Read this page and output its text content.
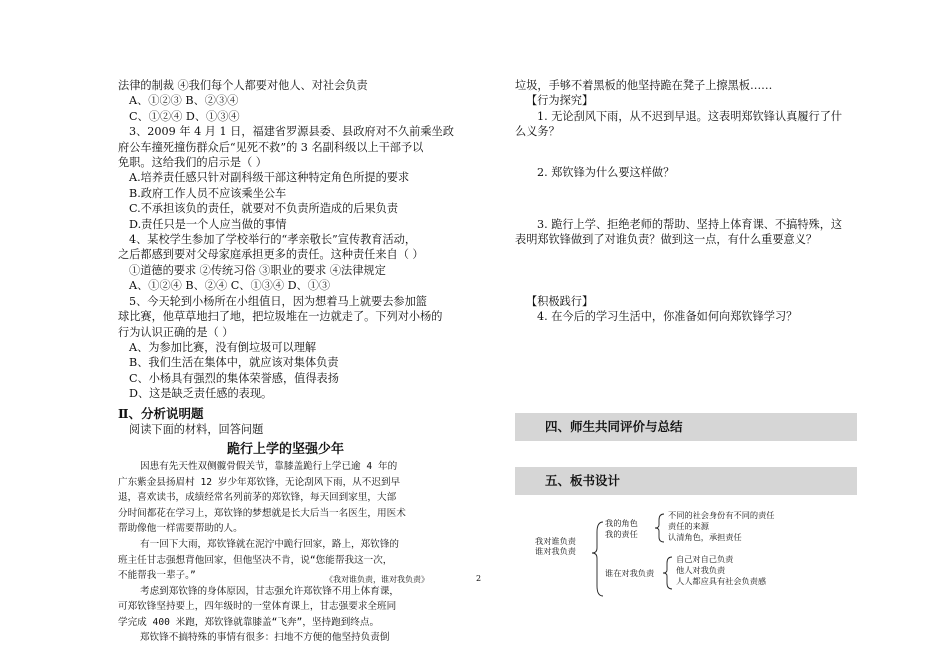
法律的制裁 ④我们每个人都要对他人、对社会负责
A、①②③ B、②③④
C、①②④ D、①③④
3、2009 年 4 月 1 日，福建省罗源县委、县政府对不久前乘坐政
府公车撞死撞伤群众后“见死不救”的 3 名副科级以上干部予以
免职。这给我们的启示是（ ）
A.培养责任感只针对副科级干部这种特定角色所提的要求
B.政府工作人员不应该乘坐公车
C.不承担该负的责任，就要对不负责所造成的后果负责
D.责任只是一个人应当做的事情
4、某校学生参加了学校举行的“孝亲敬长”宣传教育活动，
之后都感到要对父母家庭承担更多的责任。这种责任来自（ ）
①道德的要求 ②传统习俗 ③职业的要求 ④法律规定
A、①②④ B、②④ C、①③④ D、①③
5、今天轮到小杨所在小组值日，因为想着马上就要去参加篮
球比赛，他草草地扫了地，把垃圾堆在一边就走了。下列对小杨的
行为认识正确的是（ ）
A、为参加比赛，没有倒垃圾可以理解
B、我们生活在集体中，就应该对集体负责
C、小杨具有强烈的集体荣誉感，值得表扬
D、这是缺乏责任感的表现。
Ⅱ、分析说明题
阅读下面的材料，回答问题
跪行上学的坚强少年
因患有先天性双侧髋骨假关节，靠膝盖跪行上学已逾 4 年的
广东紫金县扬眉村 12 岁少年郑钦锋，无论刮风下雨，从不迟到早
退，喜欢读书，成绩经常名列前茅的郑钦锋，每天回到家里，大部
分时间都花在学习上，郑钦锋的梦想就是长大后当一名医生，用医术
帮助像他一样需要帮助的人。
有一回下大雨，郑钦锋就在泥泞中跪行回家，路上，郑钦锋的
班主任甘志强想背他回家，但他坚决不肯，说“您能帮我这一次，
不能帮我一辈子。”
考虑到郑钦锋的身体原因，甘志强允许郑钦锋不用上体育课，
可郑钦锋坚持要上，四年级时的一堂体育课上，甘志强要求全班同
学完成 400 米跑，郑钦锋就靠膝盖“飞奔”，坚持跑到终点。
郑钦锋不搞特殊的事情有很多：扫地不方便的他坚持负责倒
《我对谁负责，谁对我负责》	2
垃圾，手够不着黑板的他坚持跪在凳子上擦黑板……
【行为探究】
1. 无论刮风下雨，从不迟到早退。这表明郑钦锋认真履行了什
么义务？
2. 郑钦锋为什么要这样做？
3. 跪行上学、拒绝老师的帮助、坚持上体育课、不搞特殊，这
表明郑钦锋做到了对谁负责？做到这一点，有什么重要意义？
【积极践行】
4. 在今后的学习生活中，你准备如何向郑钦锋学习？
四、师生共同评价与总结
五、板书设计
我对谁负责
谁对我负责
我的角色
我的责任
不同的社会身份有不同的责任
责任的来源
认清角色，承担责任
谁在对我负责
自己对自己负责
他人对我负责
人人都应具有社会负责感
